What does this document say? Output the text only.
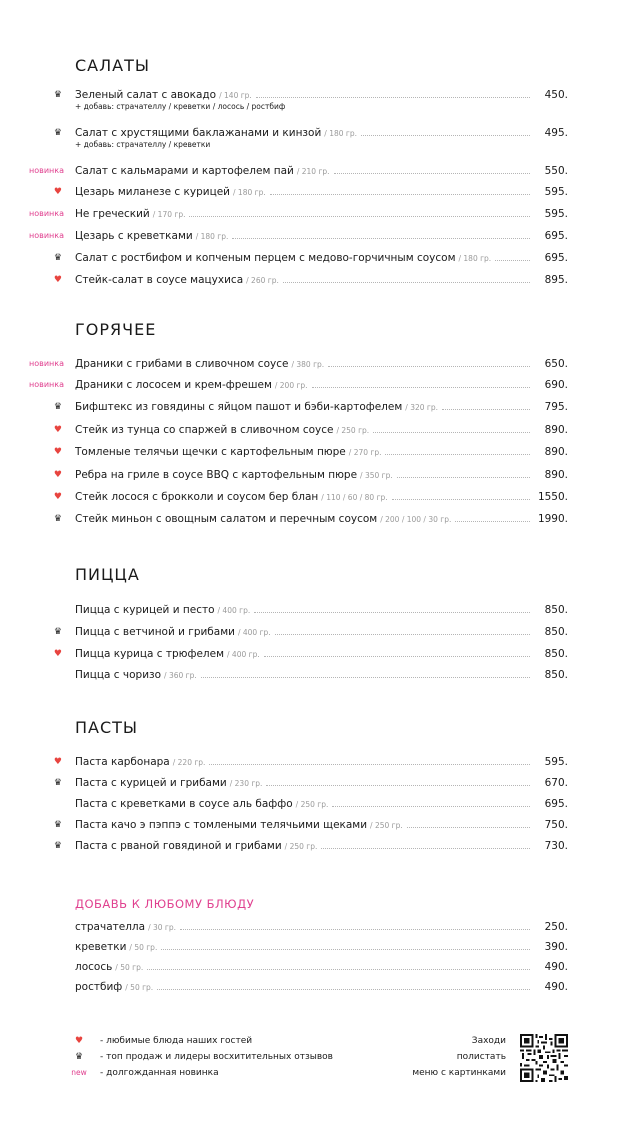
САЛАТЫ
♛ Зеленый салат с авокадо / 140 гр.	450.
+ добавь: страчателлу / креветки / лосось / ростбиф
♛ Салат с хрустящими баклажанами и кинзой / 180 гр.	495.
+ добавь: страчателлу / креветки
новинка Салат с кальмарами и картофелем пай / 210 гр.	550.
♥ Цезарь миланезе с курицей / 180 гр.	595.
новинка Не греческий / 170 гр.	595.
новинка Цезарь с креветками / 180 гр.	695.
♛ Салат с ростбифом и копченым перцем с медово-горчичным соусом / 180 гр.	695.
♥ Стейк-салат в соусе мацухиса / 260 гр.	895.
ГОРЯЧЕЕ
новинка Драники с грибами в сливочном соусе / 380 гр.	650.
новинка Драники с лососем и крем-фрешем / 200 гр.	690.
♛ Бифштекс из говядины с яйцом пашот и бэби-картофелем / 320 гр.	795.
♥ Стейк из тунца со спаржей в сливочном соусе / 250 гр.	890.
♥ Томленые телячьи щечки с картофельным пюре / 270 гр.	890.
♥ Ребра на гриле в соусе BBQ с картофельным пюре / 350 гр.	890.
♥ Стейк лосося с брокколи и соусом бер блан / 110 / 60 / 80 гр.	1550.
♛ Стейк миньон с овощным салатом и перечным соусом / 200 / 100 / 30 гр.	1990.
ПИЦЦА
Пицца с курицей и песто / 400 гр.	850.
♛ Пицца с ветчиной и грибами / 400 гр.	850.
♥ Пицца курица с трюфелем / 400 гр.	850.
Пицца с чоризо / 360 гр.	850.
ПАСТЫ
♥ Паста карбонара / 220 гр.	595.
♛ Паста с курицей и грибами / 230 гр.	670.
Паста с креветками в соусе аль баффо / 250 гр.	695.
♛ Паста качо э пэппэ с томлеными телячьими щеками / 250 гр.	750.
♛ Паста с рваной говядиной и грибами / 250 гр.	730.
ДОБАВЬ К ЛЮБОМУ БЛЮДУ
страчателла / 30 гр.	250.
креветки / 50 гр.	390.
лосось / 50 гр.	490.
ростбиф / 50 гр.	490.
♥	- любимые блюда наших гостей
♛	- топ продаж и лидеры восхитительных отзывов
new - долгожданная новинка
Заходи
полистать
меню с картинками
